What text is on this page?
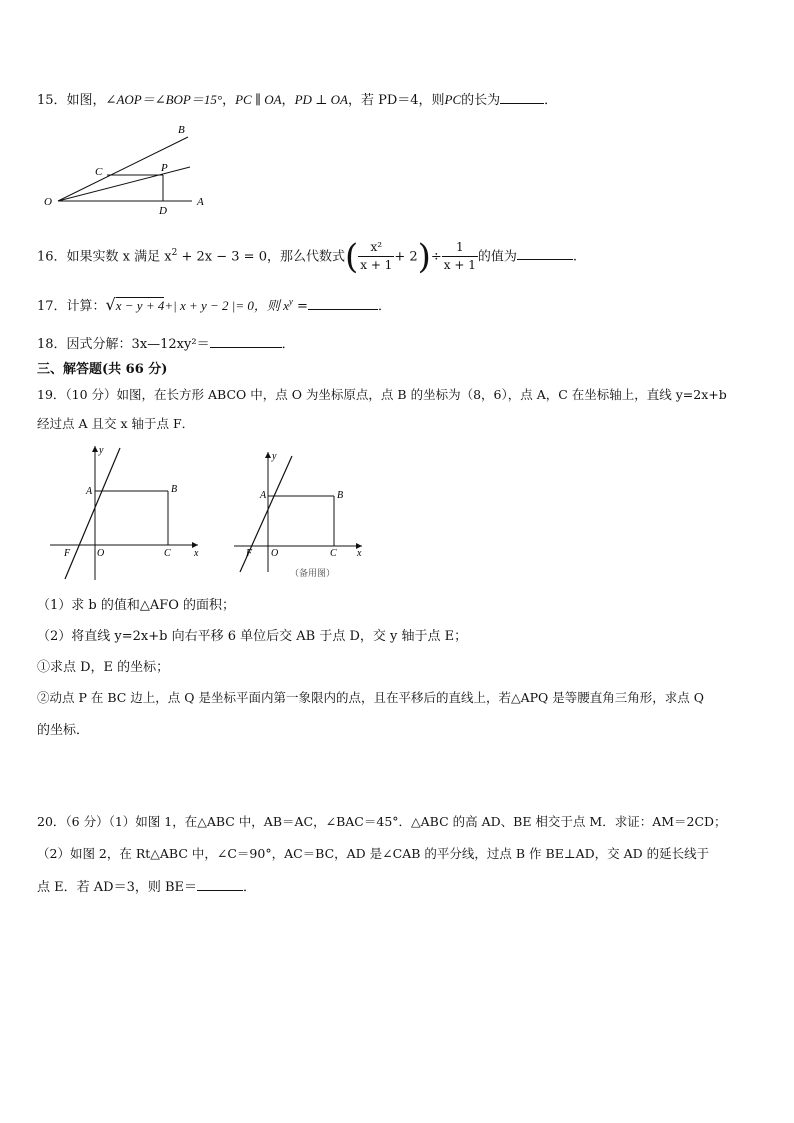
15．如图，∠AOP＝∠BOP＝15°，PC ∥ OA，PD ⊥ OA，若 PD＝4，则PC的长为	．
O	A
B
C	P
D
16．如果实数 x 满足 $x^2 + 2x - 3 = 0$，那么代数式( $\frac{\text{x²}}{x + 1} + 2)\div \frac{1}{x + 1}$ 的值为	.
17．计算：√x − y + 4+| x + y − 2 |= 0，则 $x^y$ =	．
18．因式分解：3x—12xy²＝	．
三、解答题(共 66 分)
19．（10 分）如图，在长方形 ABCO 中，点 O 为坐标原点，点 B 的坐标为（8，6），点 A，C 在坐标轴上，直线 y=2x+b
经过点 A 且交 x 轴于点 F．
y
x
A	B
C
O
F
y
x
A	B
C
O
F
（备用图）
（1）求 b 的值和△AFO 的面积；
（2）将直线 y=2x+b 向右平移 6 单位后交 AB 于点 D，交 y 轴于点 E；
①求点 D，E 的坐标；
②动点 P 在 BC 边上，点 Q 是坐标平面内第一象限内的点，且在平移后的直线上，若△APQ 是等腰直角三角形，求点 Q
的坐标．
20．（6 分）（1）如图 1，在△ABC 中，AB＝AC，∠BAC＝45°．△ABC 的高 AD、BE 相交于点 M．求证：AM＝2CD；
（2）如图 2，在 Rt△ABC 中，∠C＝90°，AC＝BC，AD 是∠CAB 的平分线，过点 B 作 BE⊥AD，交 AD 的延长线于
点 E．若 AD＝3，则 BE＝	．
